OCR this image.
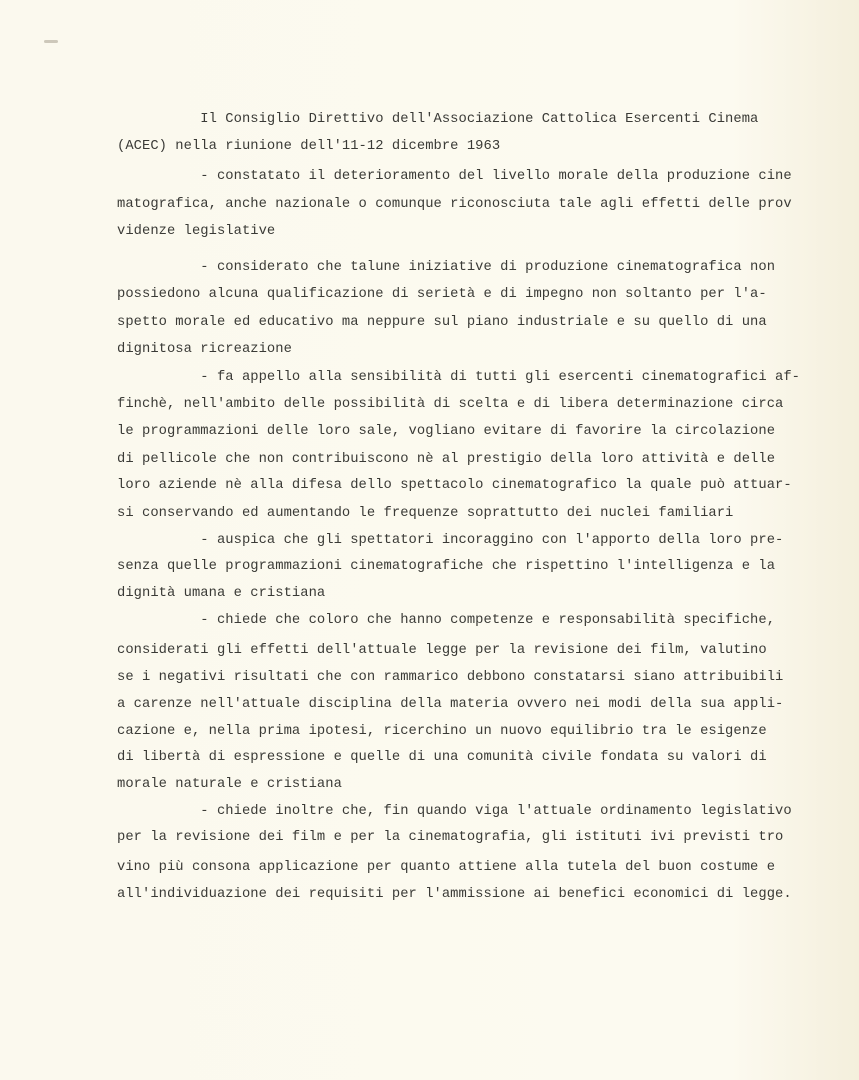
Il Consiglio Direttivo dell'Associazione Cattolica Esercenti Cinema
(ACEC) nella riunione dell'11-12 dicembre 1963
- constatato il deterioramento del livello morale della produzione cine
matografica, anche nazionale o comunque riconosciuta tale agli effetti delle prov
videnze legislative
- considerato che talune iniziative di produzione cinematografica non
possiedono alcuna qualificazione di serietà e di impegno non soltanto per l'a-
spetto morale ed educativo ma neppure sul piano industriale e su quello di una
dignitosa ricreazione
- fa appello alla sensibilità di tutti gli esercenti cinematografici af-
finchè, nell'ambito delle possibilità di scelta e di libera determinazione circa
le programmazioni delle loro sale, vogliano evitare di favorire la circolazione
di pellicole che non contribuiscono nè al prestigio della loro attività e delle
loro aziende nè alla difesa dello spettacolo cinematografico la quale può attuar-
si conservando ed aumentando le frequenze soprattutto dei nuclei familiari
- auspica che gli spettatori incoraggino con l'apporto della loro pre-
senza quelle programmazioni cinematografiche che rispettino l'intelligenza e la
dignità umana e cristiana
- chiede che coloro che hanno competenze e responsabilità specifiche,
considerati gli effetti dell'attuale legge per la revisione dei film, valutino
se i negativi risultati che con rammarico debbono constatarsi siano attribuibili
a carenze nell'attuale disciplina della materia ovvero nei modi della sua appli-
cazione e, nella prima ipotesi, ricerchino un nuovo equilibrio tra le esigenze
di libertà di espressione e quelle di una comunità civile fondata su valori di
morale naturale e cristiana
- chiede inoltre che, fin quando viga l'attuale ordinamento legislativo
per la revisione dei film e per la cinematografia, gli istituti ivi previsti tro
vino più consona applicazione per quanto attiene alla tutela del buon costume e
all'individuazione dei requisiti per l'ammissione ai benefici economici di legge.
